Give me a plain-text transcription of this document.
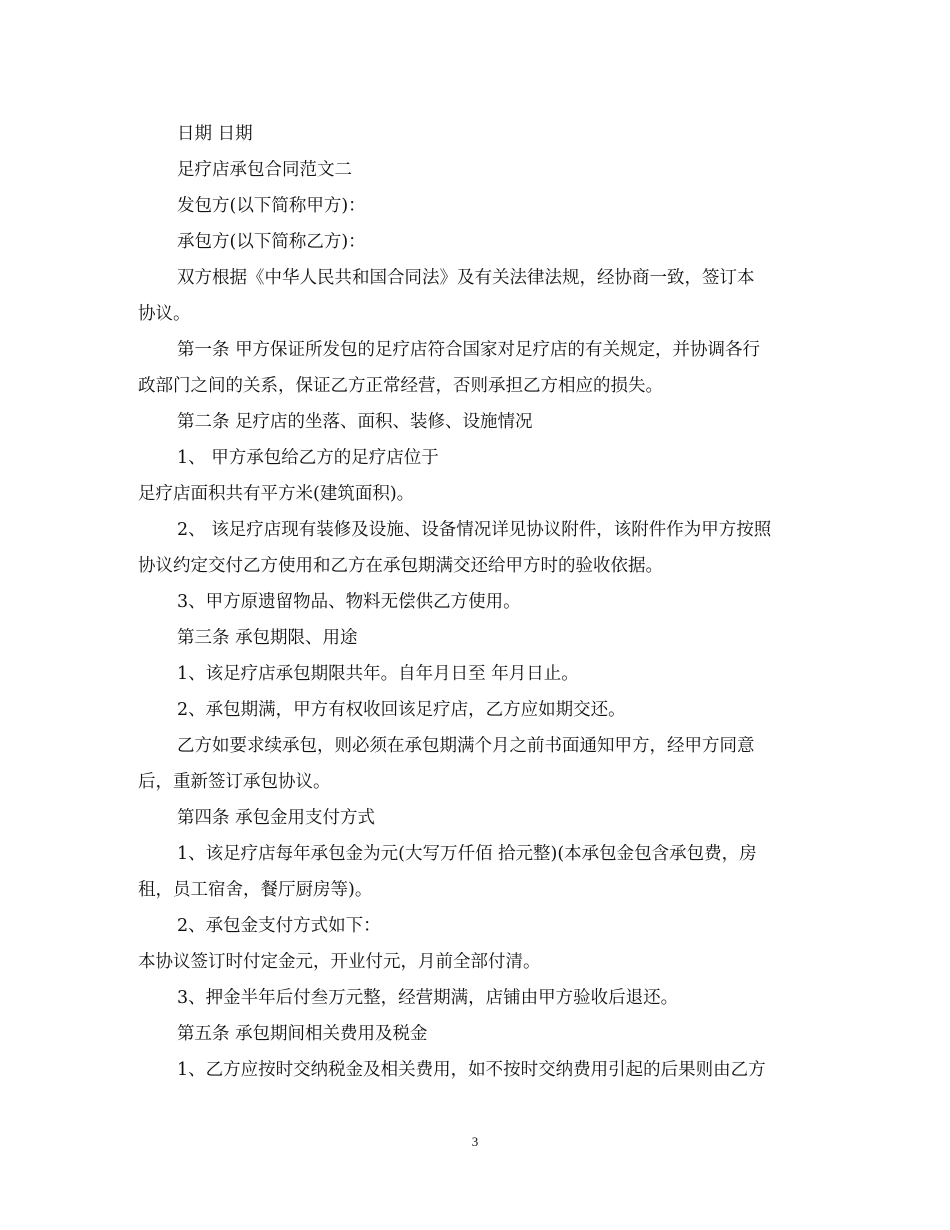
日期 日期
足疗店承包合同范文二
发包方(以下简称甲方)：
承包方(以下简称乙方)：
双方根据《中华人民共和国合同法》及有关法律法规，经协商一致，签订本
协议。
第一条 甲方保证所发包的足疗店符合国家对足疗店的有关规定，并协调各行
政部门之间的关系，保证乙方正常经营，否则承担乙方相应的损失。
第二条 足疗店的坐落、面积、装修、设施情况
1、 甲方承包给乙方的足疗店位于
足疗店面积共有平方米(建筑面积)。
2、 该足疗店现有装修及设施、设备情况详见协议附件，该附件作为甲方按照
协议约定交付乙方使用和乙方在承包期满交还给甲方时的验收依据。
3、甲方原遗留物品、物料无偿供乙方使用。
第三条 承包期限、用途
1、该足疗店承包期限共年。自年月日至 年月日止。
2、承包期满，甲方有权收回该足疗店，乙方应如期交还。
乙方如要求续承包，则必须在承包期满个月之前书面通知甲方，经甲方同意
后，重新签订承包协议。
第四条 承包金用支付方式
1、该足疗店每年承包金为元(大写万仟佰 拾元整)(本承包金包含承包费，房
租，员工宿舍，餐厅厨房等)。
2、承包金支付方式如下：
本协议签订时付定金元，开业付元，月前全部付清。
3、押金半年后付叁万元整，经营期满，店铺由甲方验收后退还。
第五条 承包期间相关费用及税金
1、乙方应按时交纳税金及相关费用，如不按时交纳费用引起的后果则由乙方
3
